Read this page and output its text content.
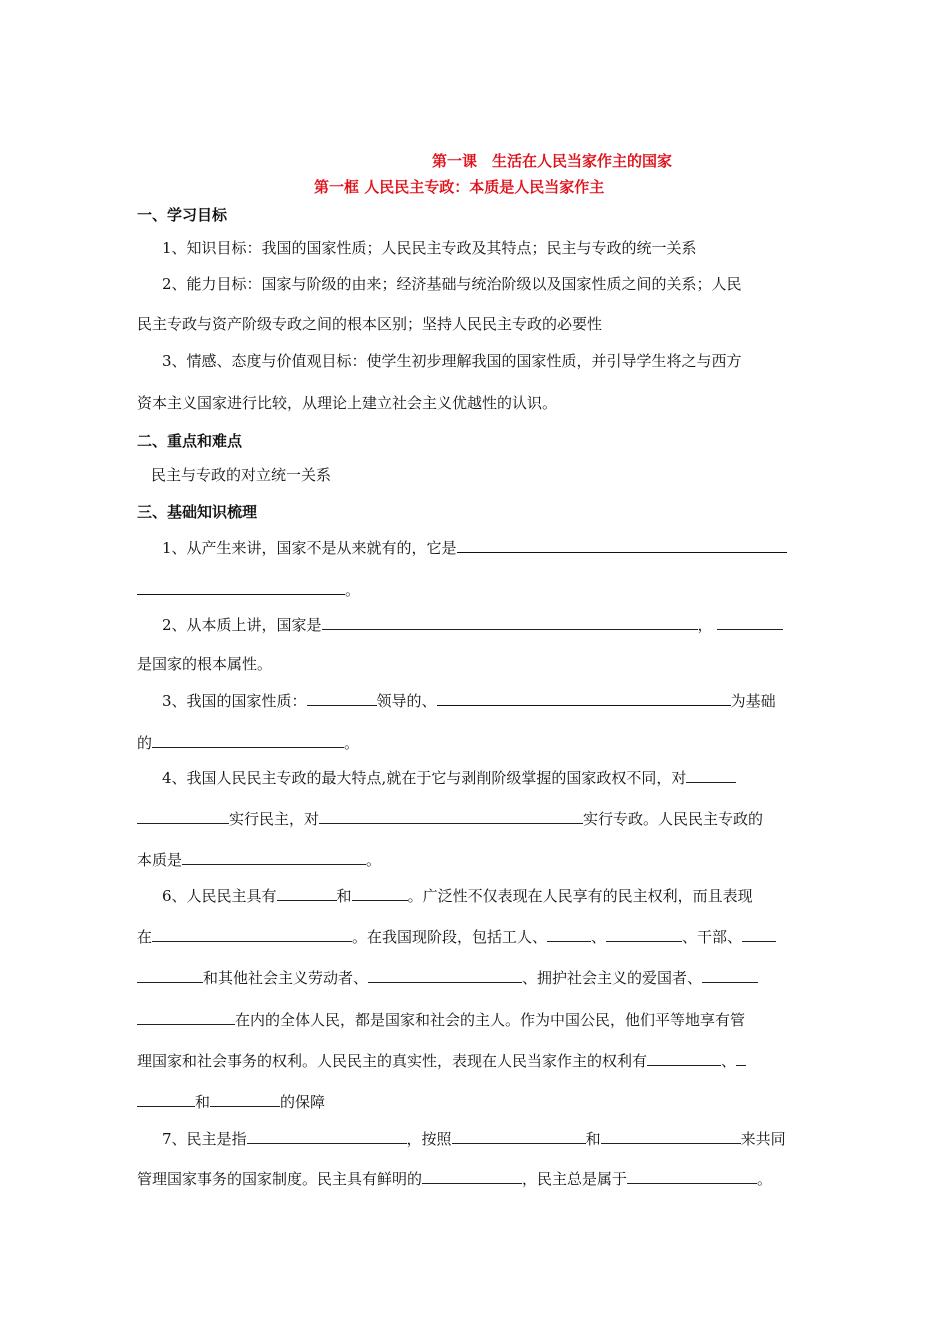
第一课　生活在人民当家作主的国家
第一框 人民民主专政：本质是人民当家作主
一、学习目标
1、知识目标：我国的国家性质；人民民主专政及其特点；民主与专政的统一关系
2、能力目标：国家与阶级的由来；经济基础与统治阶级以及国家性质之间的关系；人民
民主专政与资产阶级专政之间的根本区别；坚持人民民主专政的必要性
3、情感、态度与价值观目标：使学生初步理解我国的国家性质，并引导学生将之与西方
资本主义国家进行比较，从理论上建立社会主义优越性的认识。
二、重点和难点
民主与专政的对立统一关系
三、基础知识梳理
1、从产生来讲，国家不是从来就有的，它是
。
2、从本质上讲，国家是	，
是国家的根本属性。
3、我国的国家性质：	领导的、	为基础
的	。
4、我国人民民主专政的最大特点,就在于它与剥削阶级掌握的国家政权不同，对
实行民主，对	实行专政。人民民主专政的
本质是	。
6、人民民主具有	和	。广泛性不仅表现在人民享有的民主权利，而且表现
在	。在我国现阶段，包括工人、	、	、干部、
和其他社会主义劳动者、	、拥护社会主义的爱国者、
在内的全体人民，都是国家和社会的主人。作为中国公民，他们平等地享有管
理国家和社会事务的权利。人民民主的真实性，表现在人民当家作主的权利有	、
和	的保障
7、民主是指	，按照	和	来共同
管理国家事务的国家制度。民主具有鲜明的	，民主总是属于	。
